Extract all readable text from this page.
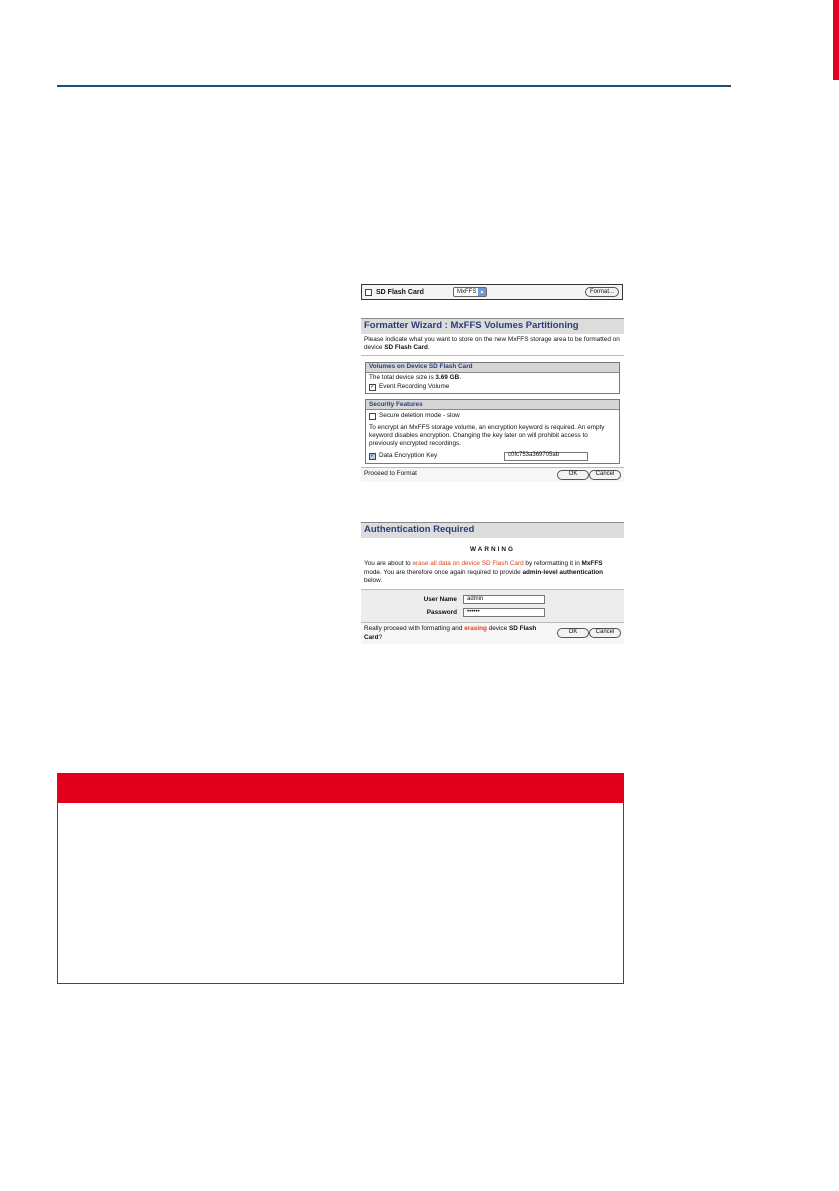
SD Flash Card	MxFFS ▲	Format...
Formatter Wizard : MxFFS Volumes Partitioning
Please indicate what you want to store on the new MxFFS storage area to be formatted on device SD Flash Card.
Volumes on Device SD Flash Card
The total device size is 3.69 GB.
✓ Event Recording Volume
Security Features
Secure deletion mode - slow
To encrypt an MxFFS storage volume, an encryption keyword is required. An empty keyword disables encryption. Changing the key later on will prohibit access to previously encrypted recordings.
✓ Data Encryption Key	c0fc753a369705ab
Proceed to Format	OK	Cancel
Authentication Required
WARNING
You are about to erase all data on device SD Flash Card by reformatting it in MxFFS mode. You are therefore once again required to provide admin-level authentication below.
User Name	admin
Password	••••••
Really proceed with formatting and erasing device SD Flash Card?
OK	Cancel
